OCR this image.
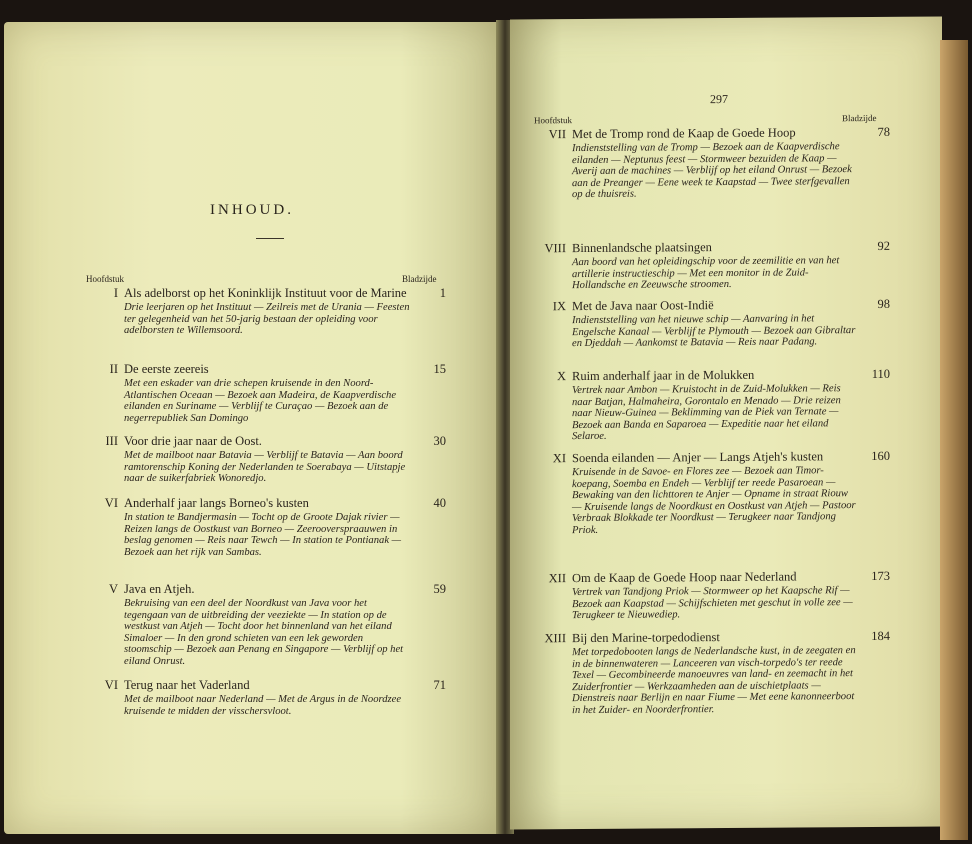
INHOUD.
Hoofdstuk	Bladzijde
I Als adelborst op het Koninklijk Instituut voor de Marine	1
Drie leerjaren op het Instituut — Zeilreis met de Urania — Feesten ter gelegenheid van het 50-jarig bestaan der opleiding voor adelborsten te Willemsoord.
II De eerste zeereis	15
Met een eskader van drie schepen kruisende in den Noord-Atlantischen Oceaan — Bezoek aan Madeira, de Kaapverdische eilanden en Suriname — Verblijf te Curaçao — Bezoek aan de negerrepubliek San Domingo
III Voor drie jaar naar de Oost.	30
Met de mailboot naar Batavia — Verblijf te Batavia — Aan boord ramtorenschip Koning der Nederlanden te Soerabaya — Uitstapje naar de suikerfabriek Wonoredjo.
VI Anderhalf jaar langs Borneo's kusten	40
In station te Bandjermasin — Tocht op de Groote Dajak rivier — Reizen langs de Oostkust van Borneo — Zeerooverspraauwen in beslag genomen — Reis naar Tewch — In station te Pontianak — Bezoek aan het rijk van Sambas.
V Java en Atjeh.	59
Bekruising van een deel der Noordkust van Java voor het tegengaan van de uitbreiding der veeziekte — In station op de westkust van Atjeh — Tocht door het binnenland van het eiland Simaloer — In den grond schieten van een lek geworden stoomschip — Bezoek aan Penang en Singapore — Verblijf op het eiland Onrust.
VI Terug naar het Vaderland	71
Met de mailboot naar Nederland — Met de Argus in de Noordzee kruisende te midden der visschersvloot.
297
Hoofdstuk	Bladzijde
VII Met de Tromp rond de Kaap de Goede Hoop	78
Indienststelling van de Tromp — Bezoek aan de Kaapverdische eilanden — Neptunus feest — Stormweer bezuiden de Kaap — Averij aan de machines — Verblijf op het eiland Onrust — Bezoek aan de Preanger — Eene week te Kaapstad — Twee sterfgevallen op de thuisreis.
VIII Binnenlandsche plaatsingen	92
Aan boord van het opleidingschip voor de zeemilitie en van het artillerie instructieschip — Met een monitor in de Zuid-Hollandsche en Zeeuwsche stroomen.
IX Met de Java naar Oost-Indië	98
Indienststelling van het nieuwe schip — Aanvaring in het Engelsche Kanaal — Verblijf te Plymouth — Bezoek aan Gibraltar en Djeddah — Aankomst te Batavia — Reis naar Padang.
X Ruim anderhalf jaar in de Molukken	110
Vertrek naar Ambon — Kruistocht in de Zuid-Molukken — Reis naar Batjan, Halmaheira, Gorontalo en Menado — Drie reizen naar Nieuw-Guinea — Beklimming van de Piek van Ternate — Bezoek aan Banda en Saparoea — Expeditie naar het eiland Selaroe.
XI Soenda eilanden — Anjer — Langs Atjeh's kusten	160
Kruisende in de Savoe- en Flores zee — Bezoek aan Timor-koepang, Soemba en Endeh — Verblijf ter reede Pasaroean — Bewaking van den lichttoren te Anjer — Opname in straat Riouw — Kruisende langs de Noordkust en Oostkust van Atjeh — Pastoor Verbraak Blokkade ter Noordkust — Terugkeer naar Tandjong Priok.
XII Om de Kaap de Goede Hoop naar Nederland	173
Vertrek van Tandjong Priok — Stormweer op het Kaapsche Rif — Bezoek aan Kaapstad — Schijfschieten met geschut in volle zee — Terugkeer te Nieuwediep.
XIII Bij den Marine-torpedodienst	184
Met torpedobooten langs de Nederlandsche kust, in de zeegaten en in de binnenwateren — Lanceeren van visch-torpedo's ter reede Texel — Gecombineerde manoeuvres van land- en zeemacht in het Zuiderfrontier — Werkzaamheden aan de uischietplaats — Dienstreis naar Berlijn en naar Fiume — Met eene kanonneerboot in het Zuider- en Noorderfrontier.
